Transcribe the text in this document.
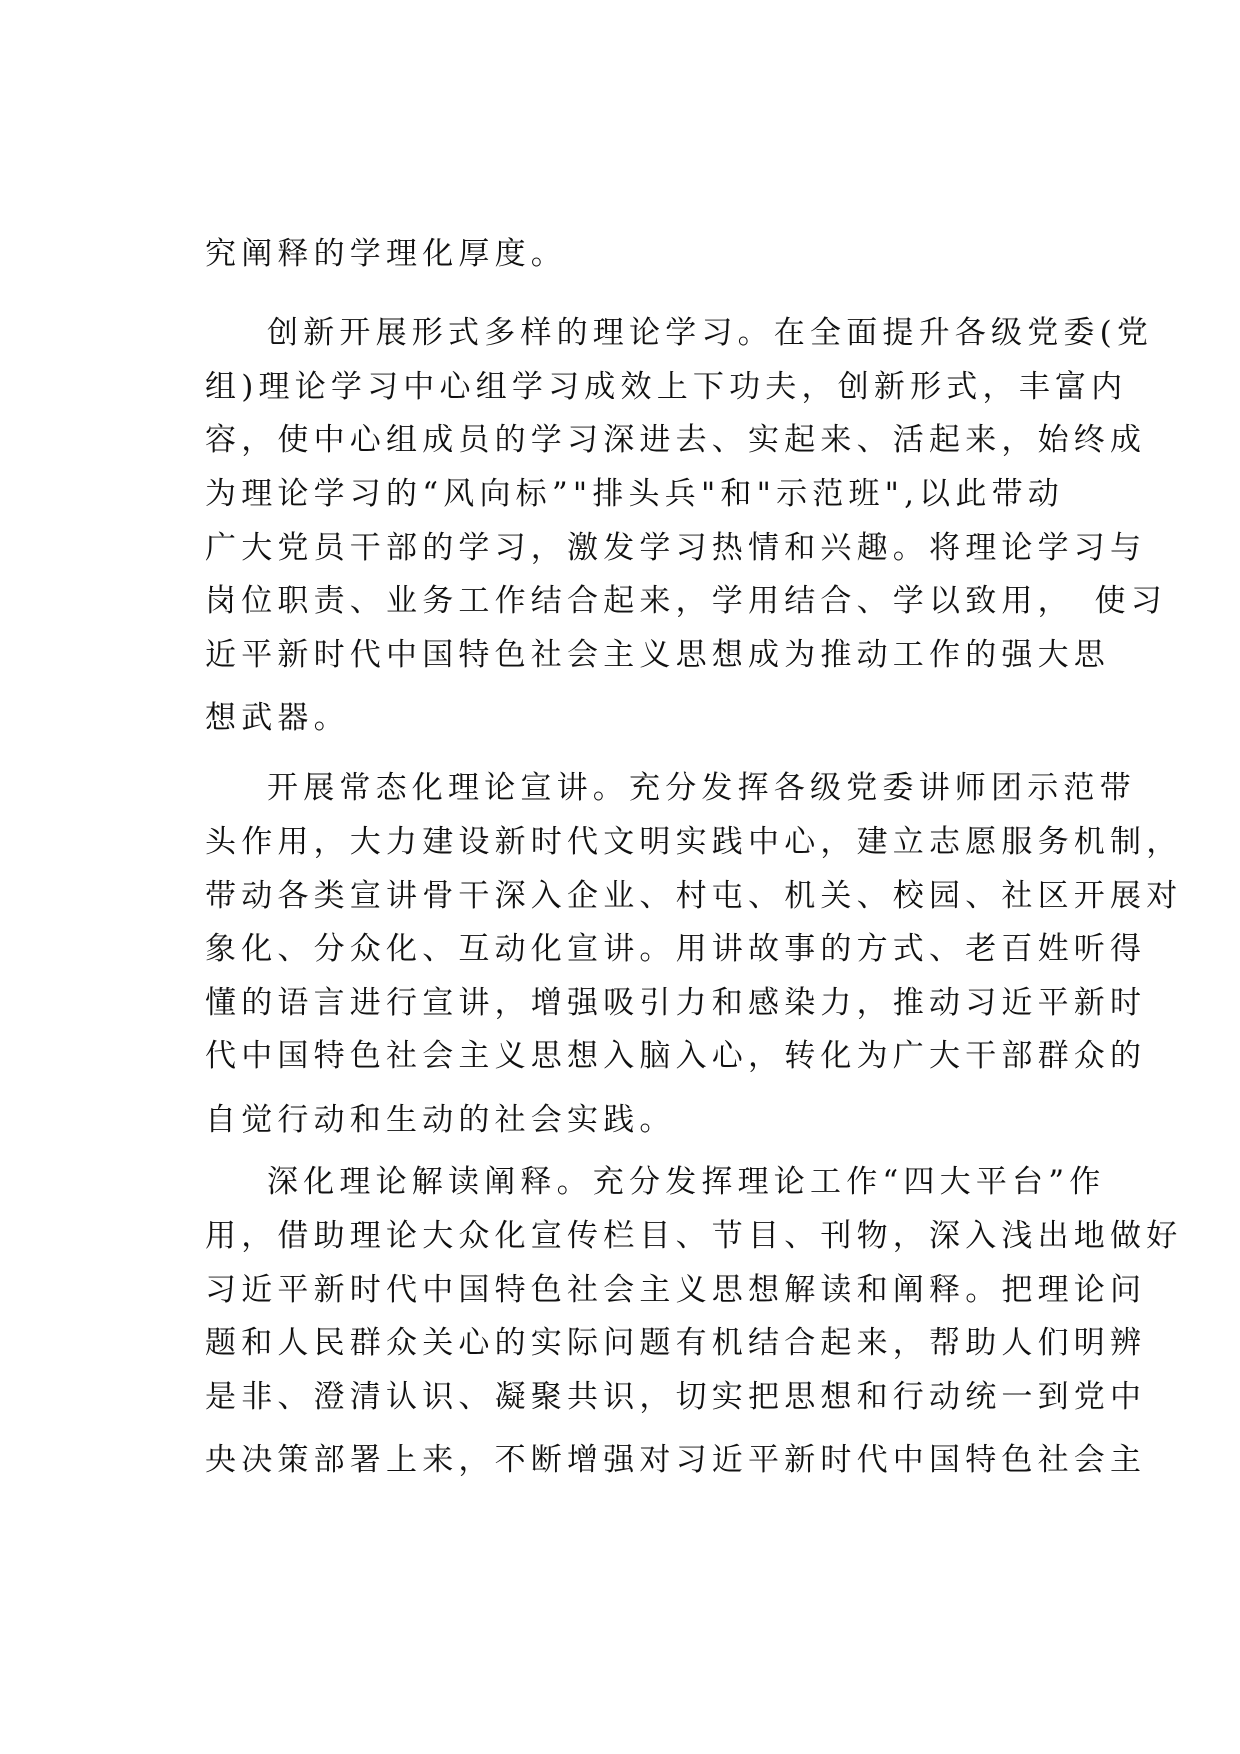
究阐释的学理化厚度。
创新开展形式多样的理论学习。在全面提升各级党委(党
组)理论学习中心组学习成效上下功夫，创新形式，丰富内
容，使中心组成员的学习深进去、实起来、活起来，始终成
为理论学习的“风向标”"排头兵"和"示范班",以此带动
广大党员干部的学习，激发学习热情和兴趣。将理论学习与
岗位职责、业务工作结合起来，学用结合、学以致用，　使习
近平新时代中国特色社会主义思想成为推动工作的强大思
想武器。
开展常态化理论宣讲。充分发挥各级党委讲师团示范带
头作用，大力建设新时代文明实践中心，建立志愿服务机制，
带动各类宣讲骨干深入企业、村屯、机关、校园、社区开展对
象化、分众化、互动化宣讲。用讲故事的方式、老百姓听得
懂的语言进行宣讲，增强吸引力和感染力，推动习近平新时
代中国特色社会主义思想入脑入心，转化为广大干部群众的
自觉行动和生动的社会实践。
深化理论解读阐释。充分发挥理论工作“四大平台”作
用，借助理论大众化宣传栏目、节目、刊物，深入浅出地做好
习近平新时代中国特色社会主义思想解读和阐释。把理论问
题和人民群众关心的实际问题有机结合起来，帮助人们明辨
是非、澄清认识、凝聚共识，切实把思想和行动统一到党中
央决策部署上来，不断增强对习近平新时代中国特色社会主
